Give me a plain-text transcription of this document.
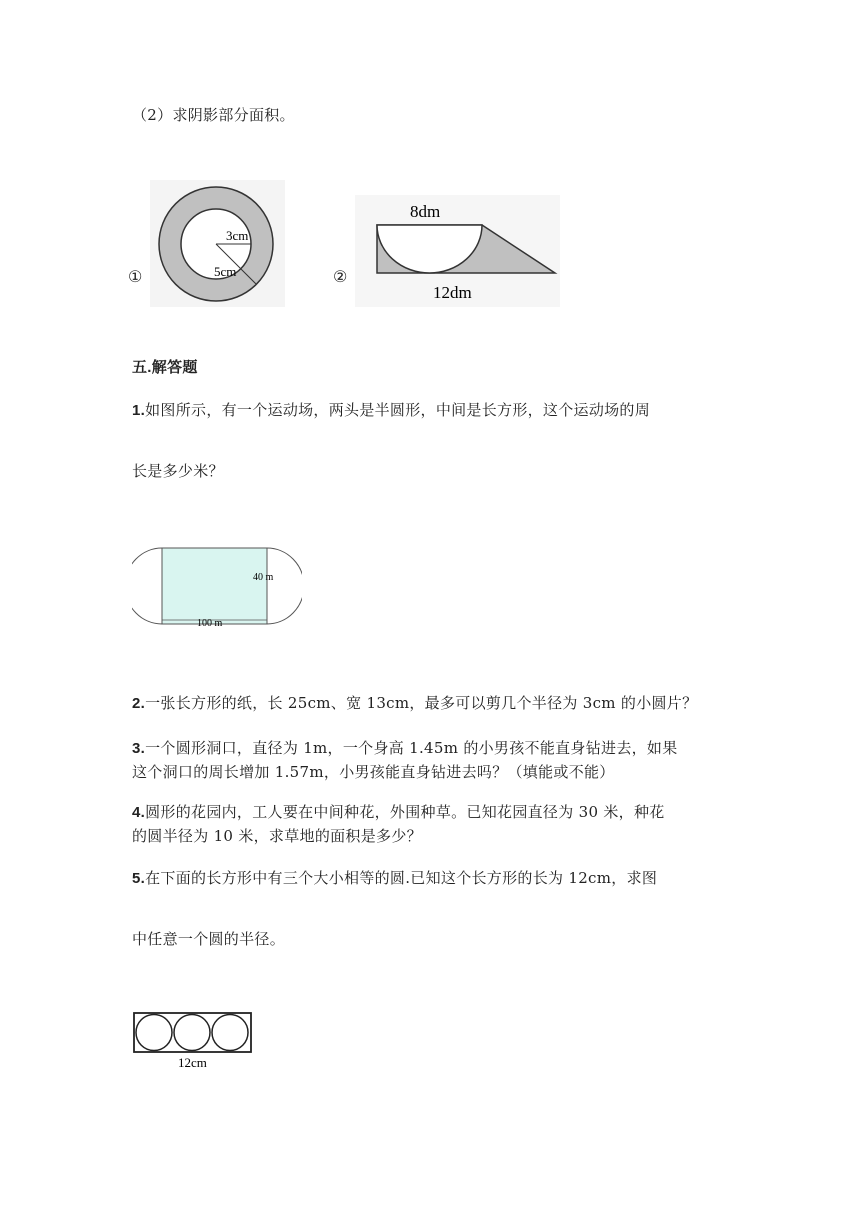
（2）求阴影部分面积。
①
3cm
5cm	②
8dm
12dm
五.解答题
1.如图所示，有一个运动场，两头是半圆形，中间是长方形，这个运动场的周
长是多少米？
40 m
100 m
2.一张长方形的纸，长 25cm、宽 13cm，最多可以剪几个半径为 3cm 的小圆片？
3.一个圆形洞口，直径为 1m，一个身高 1.45m 的小男孩不能直身钻进去，如果
这个洞口的周长增加 1.57m，小男孩能直身钻进去吗？（填能或不能）
4.圆形的花园内，工人要在中间种花，外围种草。已知花园直径为 30 米，种花
的圆半径为 10 米，求草地的面积是多少？
5.在下面的长方形中有三个大小相等的圆.已知这个长方形的长为 12cm，求图
中任意一个圆的半径。
12cm
